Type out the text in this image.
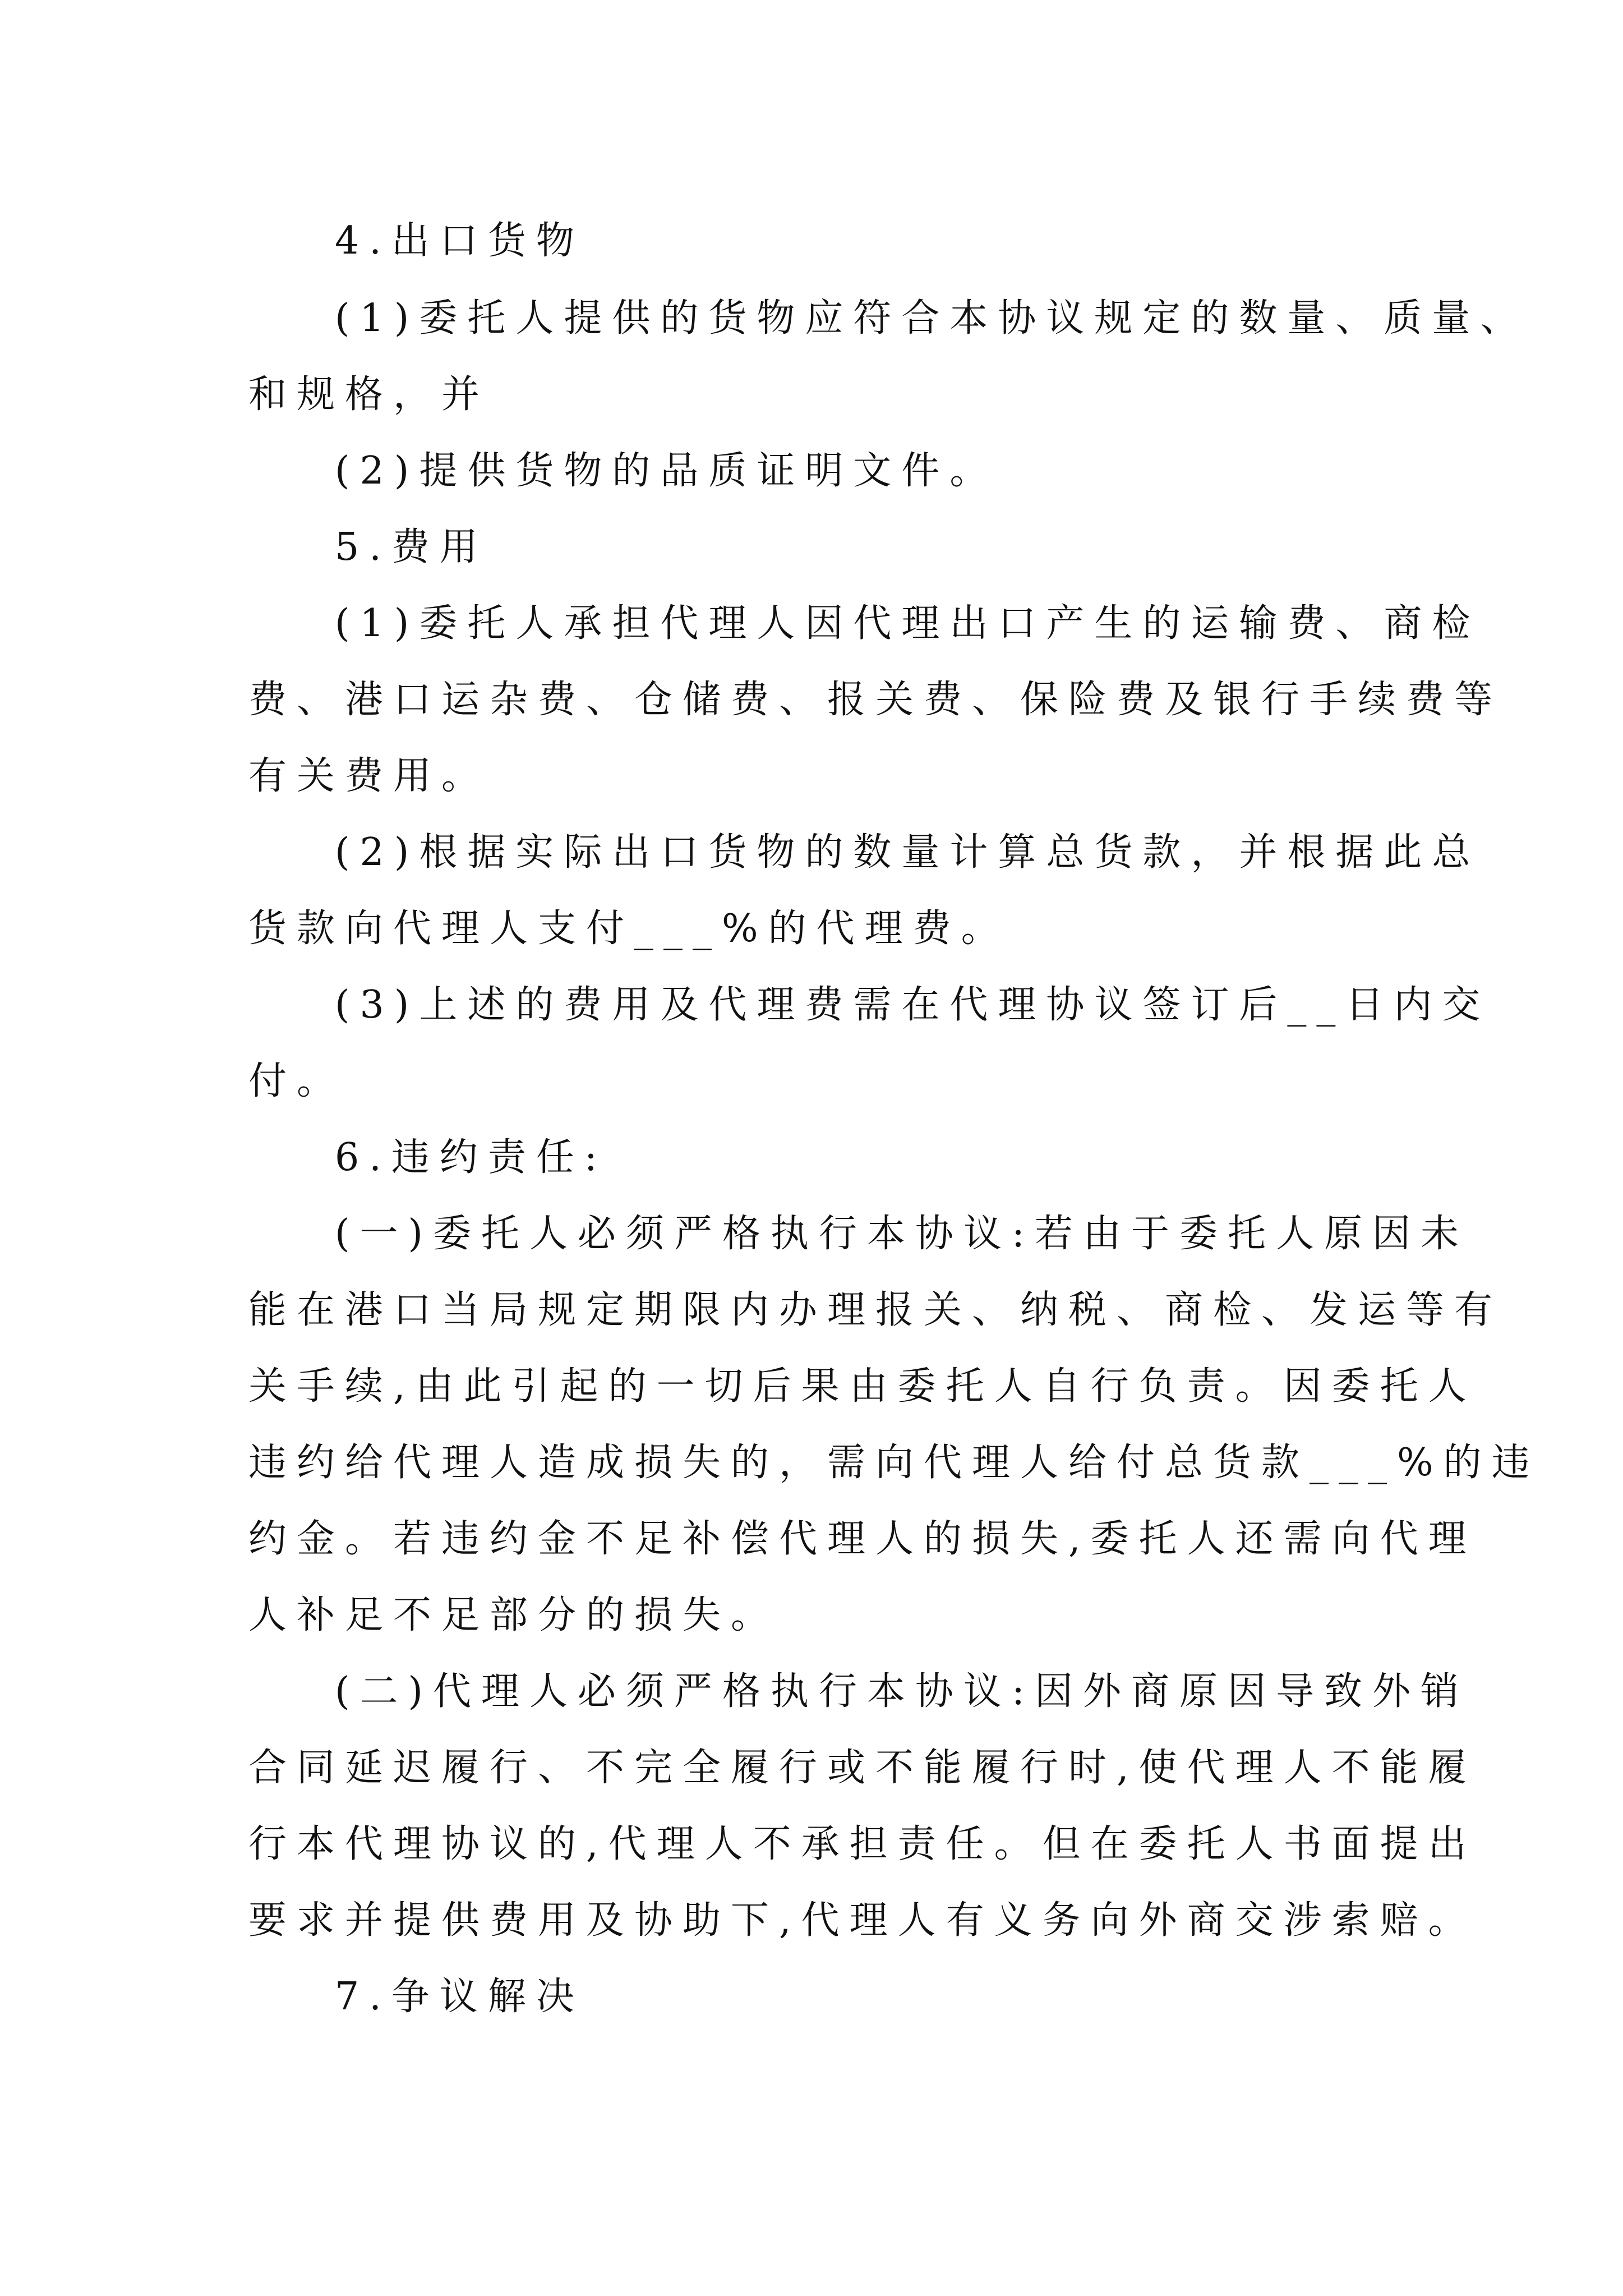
4.出口货物
(1)委托人提供的货物应符合本协议规定的数量、质量、
和规格，并
(2)提供货物的品质证明文件。
5.费用
(1)委托人承担代理人因代理出口产生的运输费、商检
费、港口运杂费、仓储费、报关费、保险费及银行手续费等
有关费用。
(2)根据实际出口货物的数量计算总货款，并根据此总
货款向代理人支付___%的代理费。
(3)上述的费用及代理费需在代理协议签订后__日内交
付。
6.违约责任:
(一)委托人必须严格执行本协议:若由于委托人原因未
能在港口当局规定期限内办理报关、纳税、商检、发运等有
关手续,由此引起的一切后果由委托人自行负责。因委托人
违约给代理人造成损失的，需向代理人给付总货款___%的违
约金。若违约金不足补偿代理人的损失,委托人还需向代理
人补足不足部分的损失。
(二)代理人必须严格执行本协议:因外商原因导致外销
合同延迟履行、不完全履行或不能履行时,使代理人不能履
行本代理协议的,代理人不承担责任。但在委托人书面提出
要求并提供费用及协助下,代理人有义务向外商交涉索赔。
7.争议解决
